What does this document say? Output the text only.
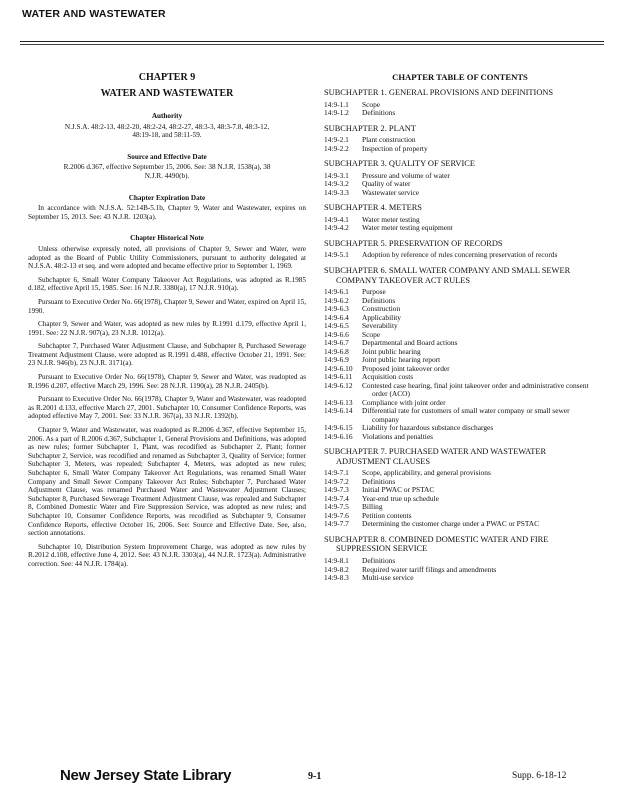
WATER AND WASTEWATER
CHAPTER 9
WATER AND WASTEWATER
Authority
N.J.S.A. 48:2-13, 48:2-20, 48:2-24, 48:2-27, 48:3-3, 48:3-7.8, 48:3-12, 48:19-18, and 58:11-59.
Source and Effective Date
R.2006 d.367, effective September 15, 2006. See: 38 N.J.R. 1538(a), 38 N.J.R. 4490(b).
Chapter Expiration Date
In accordance with N.J.S.A. 52:14B-5.1b, Chapter 9, Water and Wastewater, expires on September 15, 2013. See: 43 N.J.R. 1203(a).
Chapter Historical Note
Unless otherwise expressly noted, all provisions of Chapter 9, Sewer and Water, were adopted as the Board of Public Utility Commissioners, pursuant to authority delegated at N.J.S.A. 48:2-13 et seq. and were adopted and became effective prior to September 1, 1969.
Subchapter 6, Small Water Company Takeover Act Regulations, was adopted as R.1985 d.182, effective April 15, 1985. See: 16 N.J.R. 3380(a), 17 N.J.R. 910(a).
Pursuant to Executive Order No. 66(1978), Chapter 9, Sewer and Water, expired on April 15, 1990.
Chapter 9, Sewer and Water, was adopted as new rules by R.1991 d.179, effective April 1, 1991. See: 22 N.J.R. 907(a), 23 N.J.R. 1012(a).
Subchapter 7, Purchased Water Adjustment Clause, and Subchapter 8, Purchased Sewerage Treatment Adjustment Clause, were adopted as R.1991 d.488, effective October 21, 1991. See: 23 N.J.R. 946(b), 23 N.J.R. 3171(a).
Pursuant to Executive Order No. 66(1978), Chapter 9, Sewer and Water, was readopted as R.1996 d.207, effective March 29, 1996. See: 28 N.J.R. 1190(a), 28 N.J.R. 2405(b).
Pursuant to Executive Order No. 66(1978), Chapter 9, Water and Wastewater, was readopted as R.2001 d.133, effective March 27, 2001. Subchapter 10, Consumer Confidence Reports, was adopted effective May 7, 2001. See: 33 N.J.R. 367(a), 33 N.J.R. 1392(b).
Chapter 9, Water and Wastewater, was readopted as R.2006 d.367, effective September 15, 2006. As a part of R.2006 d.367, Subchapter 1, General Provisions and Definitions, was adopted as new rules; former Subchapter 1, Plant, was recodified as Subchapter 2, Plant; former Subchapter 2, Service, was recodified and renamed as Subchapter 3, Quality of Service; former Subchapter 3, Meters, was repealed; Subchapter 4, Meters, was adopted as new rules; Subchapter 6, Small Water Company Takeover Act Regulations, was renamed Small Water Company and Small Sewer Company Takeover Act Rules; Subchapter 7, Purchased Water Adjustment Clause, was renamed Purchased Water and Wastewater Adjustment Clauses; Subchapter 8, Purchased Sewerage Treatment Adjustment Clause, was repealed and Subchapter 8, Combined Domestic Water and Fire Suppression Service, was adopted as new rules; and Subchapter 10, Consumer Confidence Reports, was recodified as Subchapter 9, Consumer Confidence Reports, effective October 16, 2006. See: Source and Effective Date. See, also, section annotations.
Subchapter 10, Distribution System Improvement Charge, was adopted as new rules by R.2012 d.108, effective June 4, 2012. See: 43 N.J.R. 3303(a), 44 N.J.R. 1723(a). Administrative correction. See: 44 N.J.R. 1784(a).
CHAPTER TABLE OF CONTENTS
SUBCHAPTER 1. GENERAL PROVISIONS AND DEFINITIONS
14:9-1.1	Scope
14:9-1.2	Definitions
SUBCHAPTER 2. PLANT
14:9-2.1	Plant construction
14:9-2.2	Inspection of property
SUBCHAPTER 3. QUALITY OF SERVICE
14:9-3.1	Pressure and volume of water
14:9-3.2	Quality of water
14:9-3.3	Wastewater service
SUBCHAPTER 4. METERS
14:9-4.1	Water meter testing
14:9-4.2	Water meter testing equipment
SUBCHAPTER 5. PRESERVATION OF RECORDS
14:9-5.1	Adoption by reference of rules concerning preservation of records
SUBCHAPTER 6. SMALL WATER COMPANY AND SMALL SEWER COMPANY TAKEOVER ACT RULES
14:9-6.1	Purpose
14:9-6.2	Definitions
14:9-6.3	Construction
14:9-6.4	Applicability
14:9-6.5	Severability
14:9-6.6	Scope
14:9-6.7	Departmental and Board actions
14:9-6.8	Joint public hearing
14:9-6.9	Joint public hearing report
14:9-6.10	Proposed joint takeover order
14:9-6.11	Acquisition costs
14:9-6.12	Contested case hearing, final joint takeover order and administrative consent order (ACO)
14:9-6.13	Compliance with joint order
14:9-6.14	Differential rate for customers of small water company or small sewer company
14:9-6.15	Liability for hazardous substance discharges
14:9-6.16	Violations and penalties
SUBCHAPTER 7. PURCHASED WATER AND WASTEWATER ADJUSTMENT CLAUSES
14:9-7.1	Scope, applicability, and general provisions
14:9-7.2	Definitions
14:9-7.3	Initial PWAC or PSTAC
14:9-7.4	Year-end true up schedule
14:9-7.5	Billing
14:9-7.6	Petition contents
14:9-7.7	Determining the customer charge under a PWAC or PSTAC
SUBCHAPTER 8. COMBINED DOMESTIC WATER AND FIRE SUPPRESSION SERVICE
14:9-8.1	Definitions
14:9-8.2	Required water tariff filings and amendments
14:9-8.3	Multi-use service
New Jersey State Library	9-1	Supp. 6-18-12
